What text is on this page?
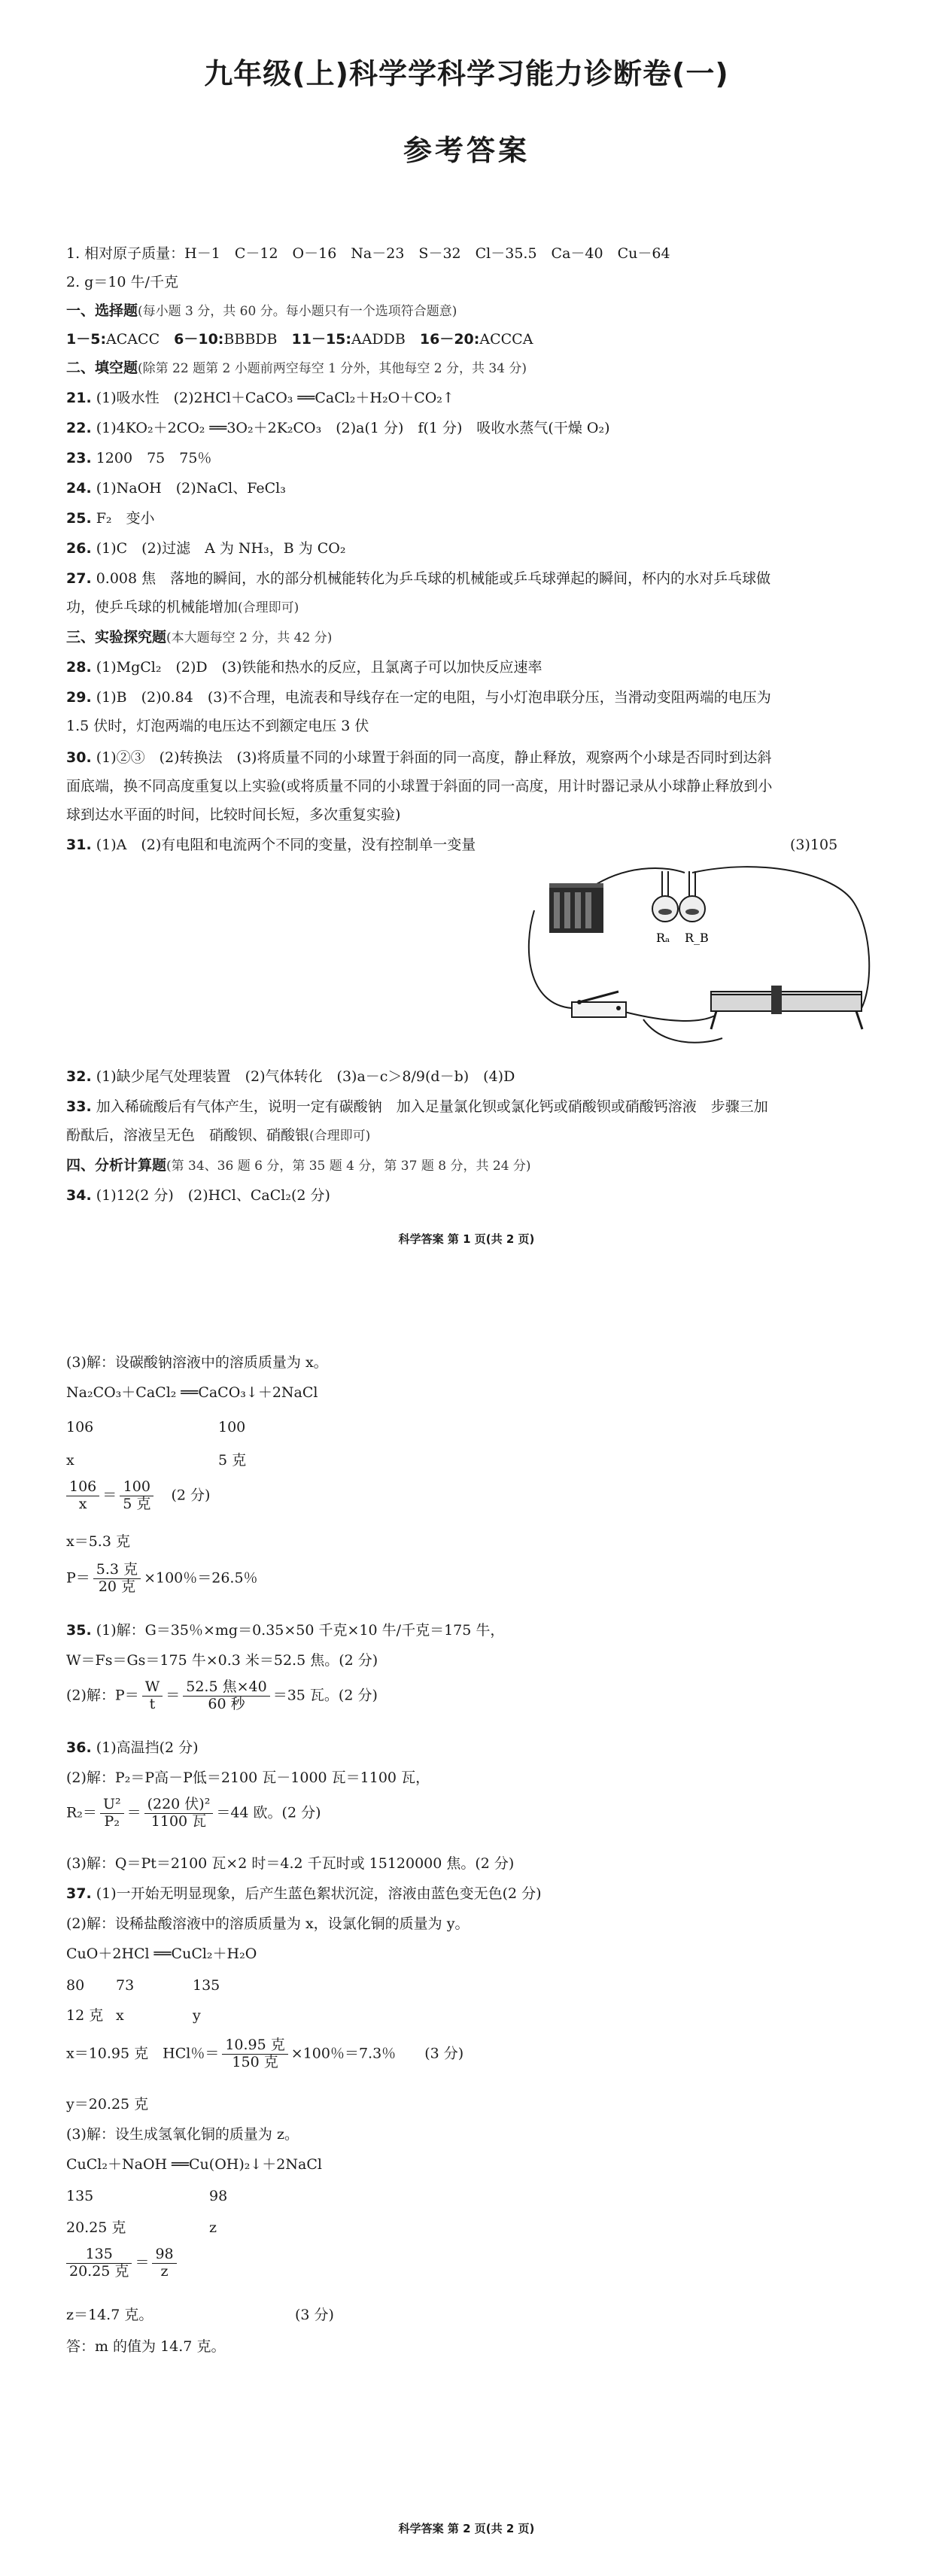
九年级(上)科学学科学习能力诊断卷(一)
参考答案
1. 相对原子质量：H－1　C－12　O－16　Na－23　S－32　Cl－35.5　Ca－40　Cu－64
2. g＝10 牛/千克
一、选择题(每小题 3 分，共 60 分。每小题只有一个选项符合题意)
1－5:ACACC　 6－10:BBBDB　 11－15:AADDB　 16－20:ACCCA
二、填空题(除第 22 题第 2 小题前两空每空 1 分外，其他每空 2 分，共 34 分)
21. (1)吸水性　(2)2HCl＋CaCO₃ ══CaCl₂＋H₂O＋CO₂↑
22. (1)4KO₂＋2CO₂ ══3O₂＋2K₂CO₃　(2)a(1 分)　f(1 分)　吸收水蒸气(干燥 O₂)
23. 1200　75　75％
24. (1)NaOH　(2)NaCl、FeCl₃
25. F₂　变小
26. (1)C　(2)过滤　A 为 NH₃，B 为 CO₂
27. 0.008 焦　落地的瞬间，水的部分机械能转化为乒乓球的机械能或乒乓球弹起的瞬间，杯内的水对乒乓球做
功，使乒乓球的机械能增加(合理即可)
三、实验探究题(本大题每空 2 分，共 42 分)
28. (1)MgCl₂　(2)D　(3)铁能和热水的反应，且氯离子可以加快反应速率
29. (1)B　(2)0.84　(3)不合理，电流表和导线存在一定的电阻，与小灯泡串联分压，当滑动变阻两端的电压为
1.5 伏时，灯泡两端的电压达不到额定电压 3 伏
30. (1)②③　(2)转换法　(3)将质量不同的小球置于斜面的同一高度，静止释放，观察两个小球是否同时到达斜
面底端，换不同高度重复以上实验(或将质量不同的小球置于斜面的同一高度，用计时器记录从小球静止释放到小
球到达水平面的时间，比较时间长短，多次重复实验)
31. (1)A　(2)有电阻和电流两个不同的变量，没有控制单一变量	(3)105
Rₐ R_B
32. (1)缺少尾气处理装置　(2)气体转化　(3)a－c＞8/9(d－b)　(4)D
33. 加入稀硫酸后有气体产生，说明一定有碳酸钠　加入足量氯化钡或氯化钙或硝酸钡或硝酸钙溶液　步骤三加
酚酞后，溶液呈无色　硝酸钡、硝酸银(合理即可)
四、分析计算题(第 34、36 题 6 分，第 35 题 4 分，第 37 题 8 分，共 24 分)
34. (1)12(2 分)　(2)HCl、CaCl₂(2 分)
科学答案 第 1 页(共 2 页)
(3)解：设碳酸钠溶液中的溶质质量为 x。
Na₂CO₃＋CaCl₂ ══CaCO₃↓＋2NaCl
106	100
x	5 克
$\frac{106}{x} = \frac{100}{\text{5 克}}$
　 (2 分)
x＝5.3 克
$P= \frac{\text{5.3 克}}{\text{20 克}} \times 100$％＝26.5％
35. (1)解：G＝35％×mg＝0.35×50 千克×10 牛/千克＝175 牛，
W＝Fs＝Gs＝175 牛×0.3 米＝52.5 焦。(2 分)
(2)解：$P= \frac{W}{t} = \frac{\text{52.5 焦×40}}{\text{60 秒}} =35$ 瓦。(2 分)
36. (1)高温挡(2 分)
(2)解：P₂＝P高－P低＝2100 瓦－1000 瓦＝1100 瓦，
$R_2= \frac{\text{U²}}{\text{P₂}} = \frac{\text{(220 伏)²}}{\text{1100 瓦}} =44$ 欧。(2 分)
(3)解：Q＝Pt＝2100 瓦×2 时＝4.2 千瓦时或 15120000 焦。(2 分)
37. (1)一开始无明显现象，后产生蓝色絮状沉淀，溶液由蓝色变无色(2 分)
(2)解：设稀盐酸溶液中的溶质质量为 x，设氯化铜的质量为 y。
CuO＋2HCl ══CuCl₂＋H₂O
80 73	135
12 克 x	y
x＝10.95 克　HCl％＝ $\frac{\text{10.95 克}}{\text{150 克}} \times 100$％＝7.3％　　 (3 分)
y＝20.25 克
(3)解：设生成氢氧化铜的质量为 z。
CuCl₂＋NaOH ══Cu(OH)₂↓＋2NaCl
135	98
20.25 克	z
$\frac{135}{\text{20.25 克}} = \frac{98}{z}$
z＝14.7 克。	(3 分)
答：m 的值为 14.7 克。
科学答案 第 2 页(共 2 页)
